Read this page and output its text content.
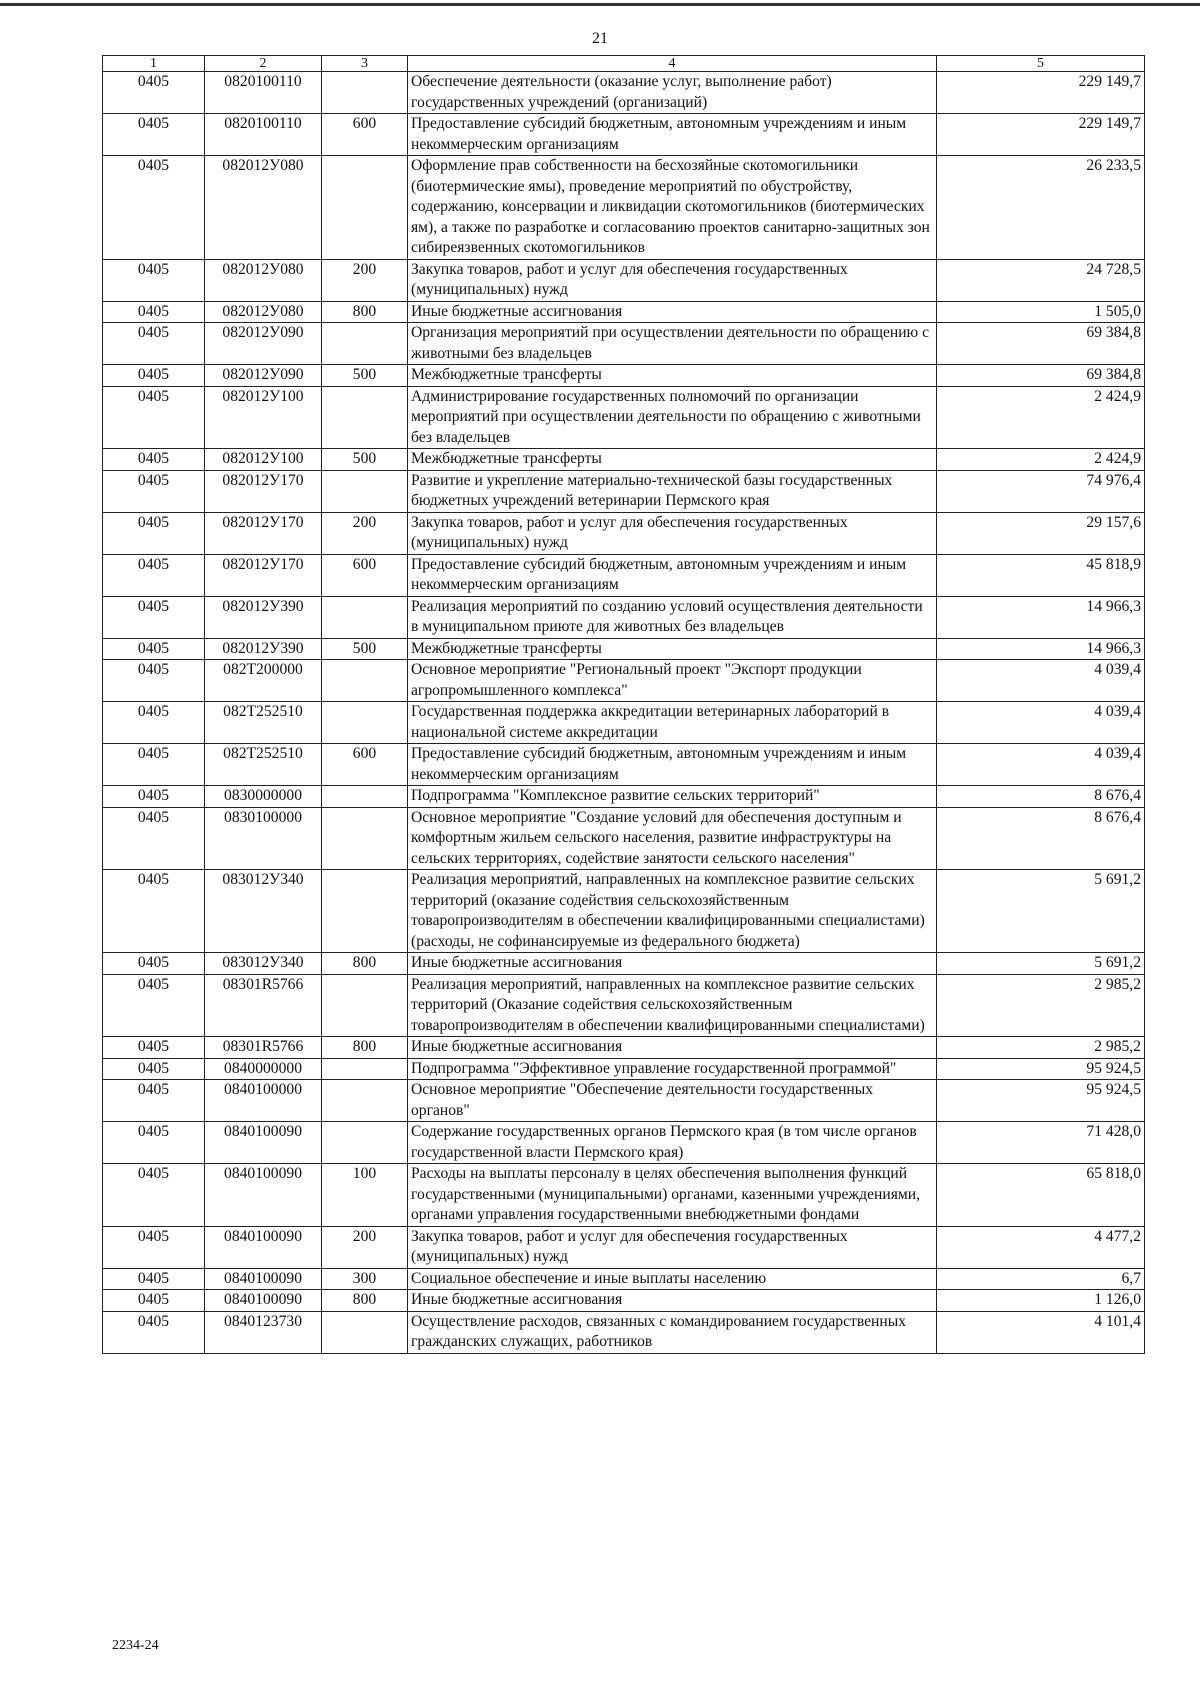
21
1	2	3	4	5
0405	0820100110		Обеспечение деятельности (оказание услуг, выполнение работ) государственных учреждений (организаций)	229 149,7
0405	0820100110	600	Предоставление субсидий бюджетным, автономным учреждениям и иным некоммерческим организациям	229 149,7
0405	082012У080		Оформление прав собственности на бесхозяйные скотомогильники (биотермические ямы), проведение мероприятий по обустройству, содержанию, консервации и ликвидации скотомогильников (биотермических ям), а также по разработке и согласованию проектов санитарно-защитных зон сибиреязвенных скотомогильников	26 233,5
0405	082012У080	200	Закупка товаров, работ и услуг для обеспечения государственных (муниципальных) нужд	24 728,5
0405	082012У080	800	Иные бюджетные ассигнования	1 505,0
0405	082012У090		Организация мероприятий при осуществлении деятельности по обращению с животными без владельцев	69 384,8
0405	082012У090	500	Межбюджетные трансферты	69 384,8
0405	082012У100		Администрирование государственных полномочий по организации мероприятий при осуществлении деятельности по обращению с животными без владельцев	2 424,9
0405	082012У100	500	Межбюджетные трансферты	2 424,9
0405	082012У170		Развитие и укрепление материально-технической базы государственных бюджетных учреждений ветеринарии Пермского края	74 976,4
0405	082012У170	200	Закупка товаров, работ и услуг для обеспечения государственных (муниципальных) нужд	29 157,6
0405	082012У170	600	Предоставление субсидий бюджетным, автономным учреждениям и иным некоммерческим организациям	45 818,9
0405	082012У390		Реализация мероприятий по созданию условий осуществления деятельности в муниципальном приюте для животных без владельцев	14 966,3
0405	082012У390	500	Межбюджетные трансферты	14 966,3
0405	082Т200000		Основное мероприятие "Региональный проект "Экспорт продукции агропромышленного комплекса"	4 039,4
0405	082Т252510		Государственная поддержка аккредитации ветеринарных лабораторий в национальной системе аккредитации	4 039,4
0405	082Т252510	600	Предоставление субсидий бюджетным, автономным учреждениям и иным некоммерческим организациям	4 039,4
0405	0830000000		Подпрограмма "Комплексное развитие сельских территорий"	8 676,4
0405	0830100000		Основное мероприятие "Создание условий для обеспечения доступным и комфортным жильем сельского населения, развитие инфраструктуры на сельских территориях, содействие занятости сельского населения"	8 676,4
0405	083012У340		Реализация мероприятий, направленных на комплексное развитие сельских территорий (оказание содействия сельскохозяйственным товаропроизводителям в обеспечении квалифицированными специалистами) (расходы, не софинансируемые из федерального бюджета)	5 691,2
0405	083012У340	800	Иные бюджетные ассигнования	5 691,2
0405	08301R5766		Реализация мероприятий, направленных на комплексное развитие сельских территорий (Оказание содействия сельскохозяйственным товаропроизводителям в обеспечении квалифицированными специалистами)	2 985,2
0405	08301R5766	800	Иные бюджетные ассигнования	2 985,2
0405	0840000000		Подпрограмма "Эффективное управление государственной программой"	95 924,5
0405	0840100000		Основное мероприятие "Обеспечение деятельности государственных органов"	95 924,5
0405	0840100090		Содержание государственных органов Пермского края (в том числе органов государственной власти Пермского края)	71 428,0
0405	0840100090	100	Расходы на выплаты персоналу в целях обеспечения выполнения функций государственными (муниципальными) органами, казенными учреждениями, органами управления государственными внебюджетными фондами	65 818,0
0405	0840100090	200	Закупка товаров, работ и услуг для обеспечения государственных (муниципальных) нужд	4 477,2
0405	0840100090	300	Социальное обеспечение и иные выплаты населению	6,7
0405	0840100090	800	Иные бюджетные ассигнования	1 126,0
0405	0840123730		Осуществление расходов, связанных с командированием государственных гражданских служащих, работников	4 101,4
2234-24
